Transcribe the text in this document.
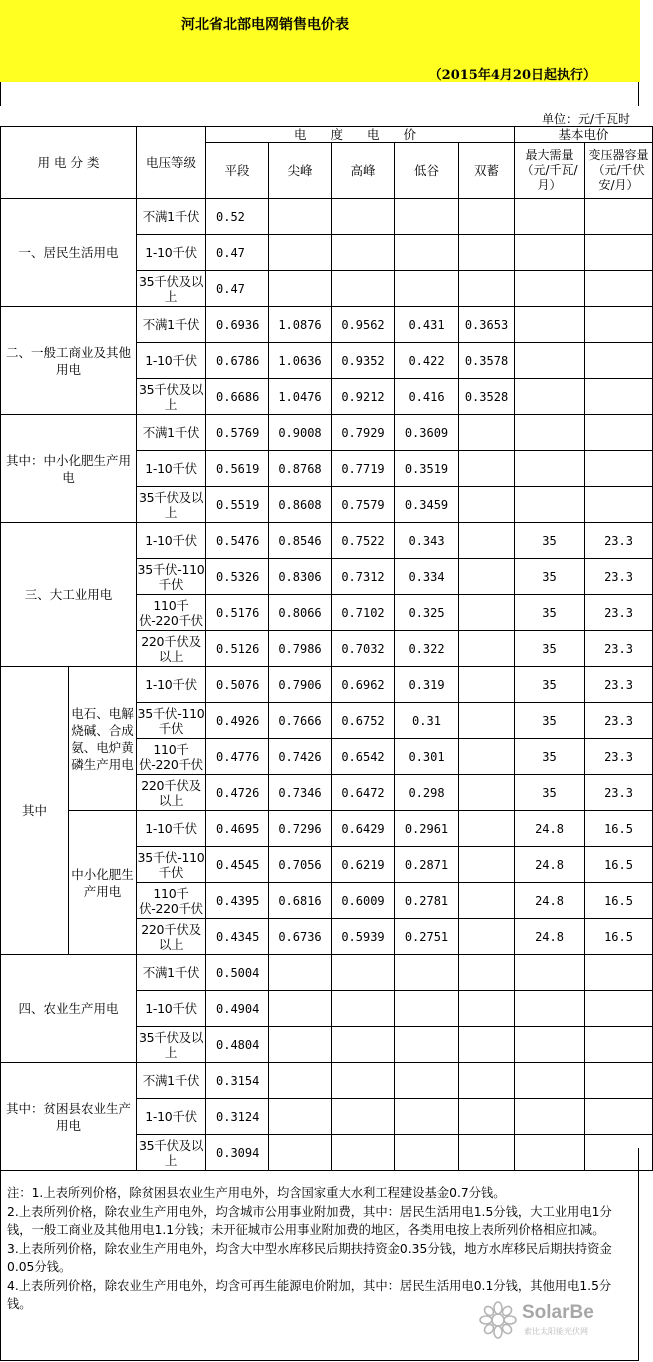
河北省北部电网销售电价表
（2015年4月20日起执行）
单位：元/千瓦时
用 电 分 类		电压等级	电 度 电 价					基本电价	
			平段	尖峰	高峰	低谷	双蓄	最大需量（元/千瓦/月）	变压器容量（元/千伏安/月）
一、居民生活用电		不满1千伏	0.52						
		1-10千伏	0.47						
		35千伏及以上	0.47						
二、一般工商业及其他用电		不满1千伏	0.6936	1.0876	0.9562	0.431	0.3653		
		1-10千伏	0.6786	1.0636	0.9352	0.422	0.3578		
		35千伏及以上	0.6686	1.0476	0.9212	0.416	0.3528		
其中：中小化肥生产用电		不满1千伏	0.5769	0.9008	0.7929	0.3609			
		1-10千伏	0.5619	0.8768	0.7719	0.3519			
		35千伏及以上	0.5519	0.8608	0.7579	0.3459			
三、大工业用电		1-10千伏	0.5476	0.8546	0.7522	0.343		35	23.3
		35千伏-110千伏	0.5326	0.8306	0.7312	0.334		35	23.3
		110千伏-220千伏	0.5176	0.8066	0.7102	0.325		35	23.3
		220千伏及以上	0.5126	0.7986	0.7032	0.322		35	23.3
其中	电石、电解烧碱、合成氨、电炉黄磷生产用电	1-10千伏	0.5076	0.7906	0.6962	0.319		35	23.3
		35千伏-110千伏	0.4926	0.7666	0.6752	0.31		35	23.3
		110千伏-220千伏	0.4776	0.7426	0.6542	0.301		35	23.3
		220千伏及以上	0.4726	0.7346	0.6472	0.298		35	23.3
	中小化肥生产用电	1-10千伏	0.4695	0.7296	0.6429	0.2961		24.8	16.5
		35千伏-110千伏	0.4545	0.7056	0.6219	0.2871		24.8	16.5
		110千伏-220千伏	0.4395	0.6816	0.6009	0.2781		24.8	16.5
		220千伏及以上	0.4345	0.6736	0.5939	0.2751		24.8	16.5
四、农业生产用电		不满1千伏	0.5004						
		1-10千伏	0.4904						
		35千伏及以上	0.4804						
其中：贫困县农业生产用电		不满1千伏	0.3154						
		1-10千伏	0.3124						
		35千伏及以上	0.3094						

注：1.上表所列价格，除贫困县农业生产用电外，均含国家重大水利工程建设基金0.7分钱。

2.上表所列价格，除农业生产用电外，均含城市公用事业附加费，其中：居民生活用电1.5分钱，大工业用电1分钱，一般工商业及其他用电1.1分钱；未开征城市公用事业附加费的地区，各类用电按上表所列价格相应扣减。

3.上表所列价格，除农业生产用电外，均含大中型水库移民后期扶持资金0.35分钱，地方水库移民后期扶持资金0.05分钱。

4.上表所列价格，除农业生产用电外，均含可再生能源电价附加，其中：居民生活用电0.1分钱，其他用电1.5分钱。	SolarBe
索比太阳能光伏网
